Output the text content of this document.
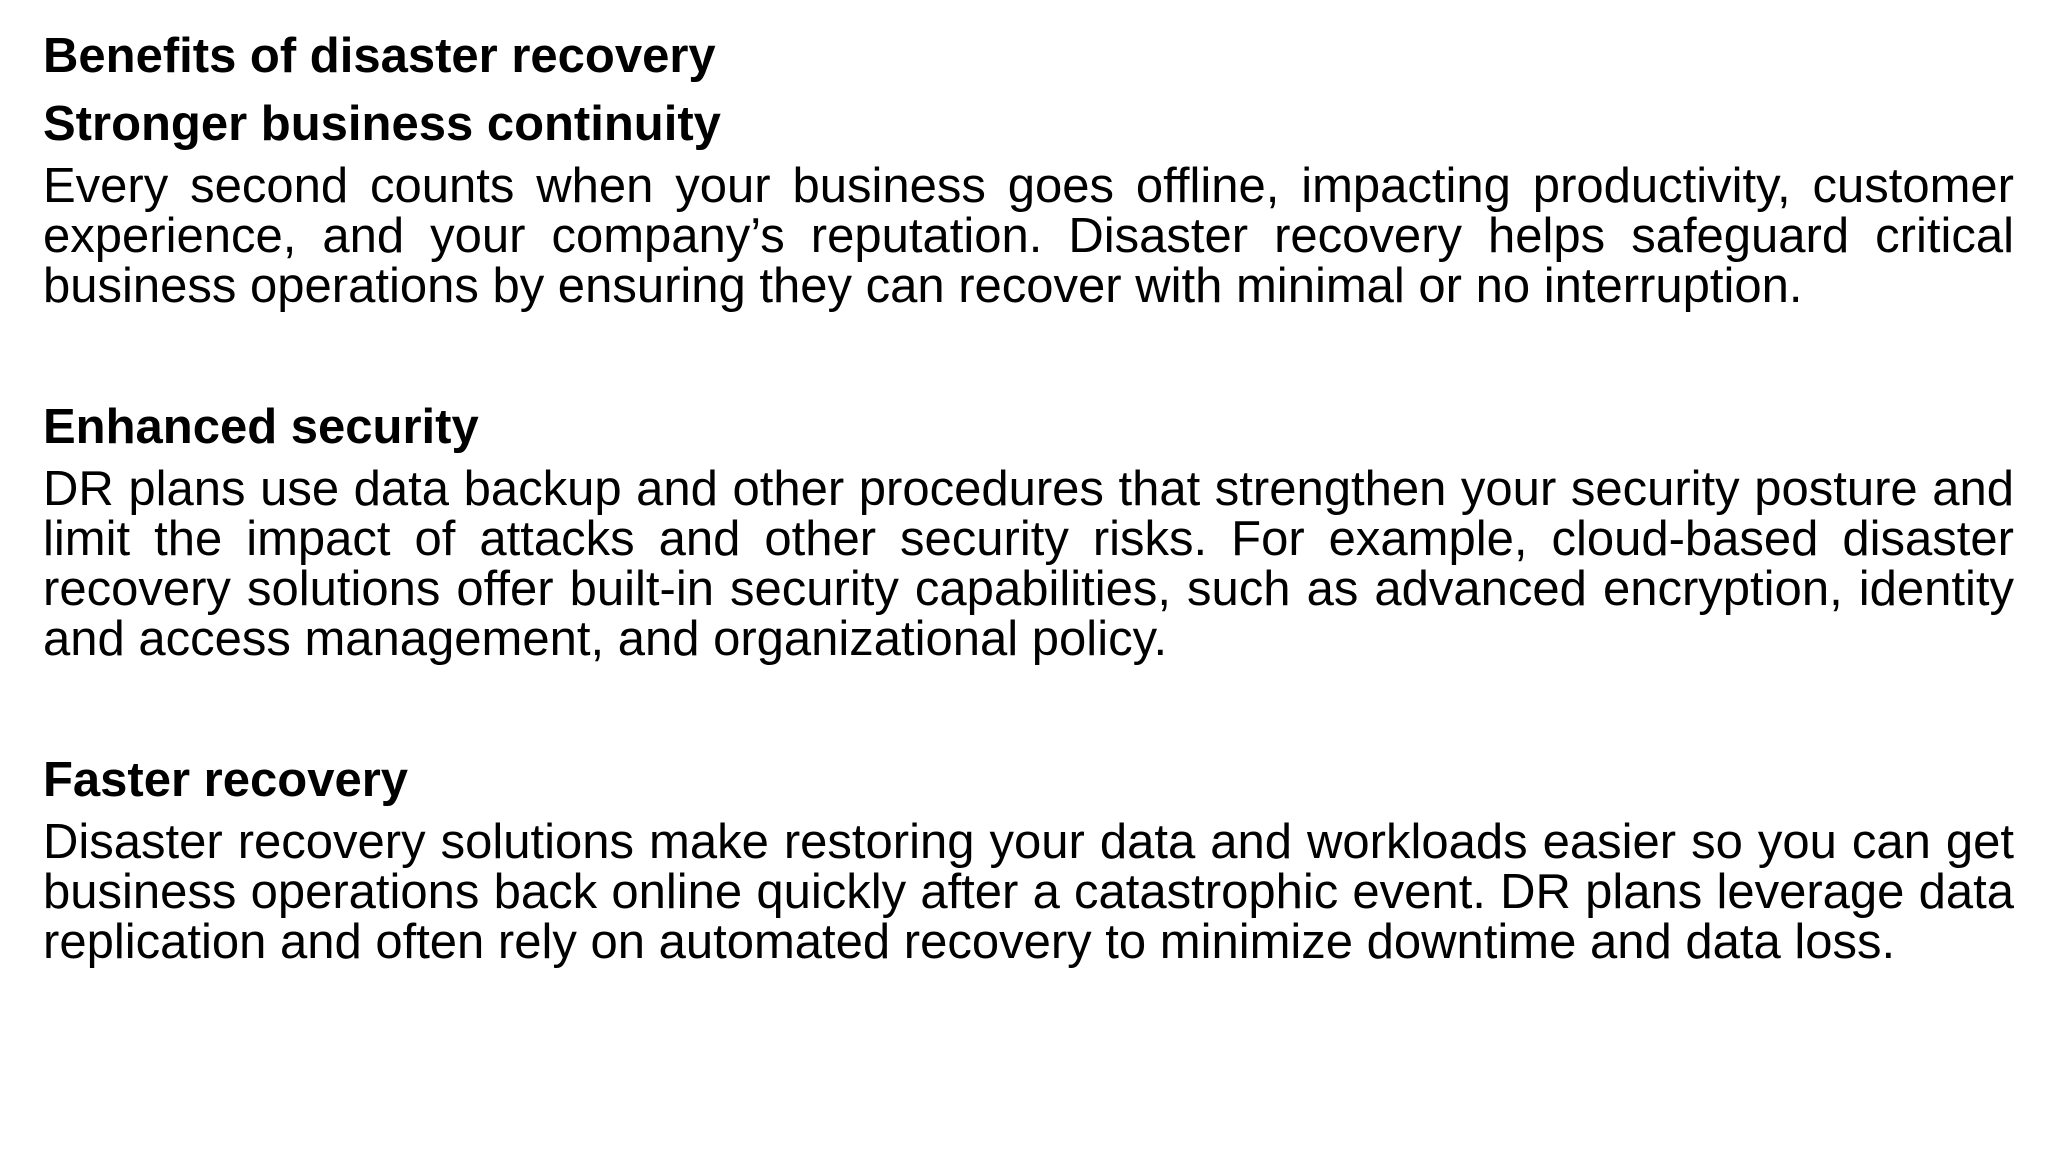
Benefits of disaster recovery
Stronger business continuity

Every second counts when your business goes offline, impacting productivity, customer experience, and your company’s reputation. Disaster recovery helps safeguard critical business operations by ensuring they can recover with minimal or no interruption.

Enhanced security

DR plans use data backup and other procedures that strengthen your security posture and limit the impact of attacks and other security risks. For example, cloud-based disaster recovery solutions offer built-in security capabilities, such as advanced encryption, identity and access management, and organizational policy.

Faster recovery

Disaster recovery solutions make restoring your data and workloads easier so you can get business operations back online quickly after a catastrophic event. DR plans leverage data replication and often rely on automated recovery to minimize downtime and data loss.
